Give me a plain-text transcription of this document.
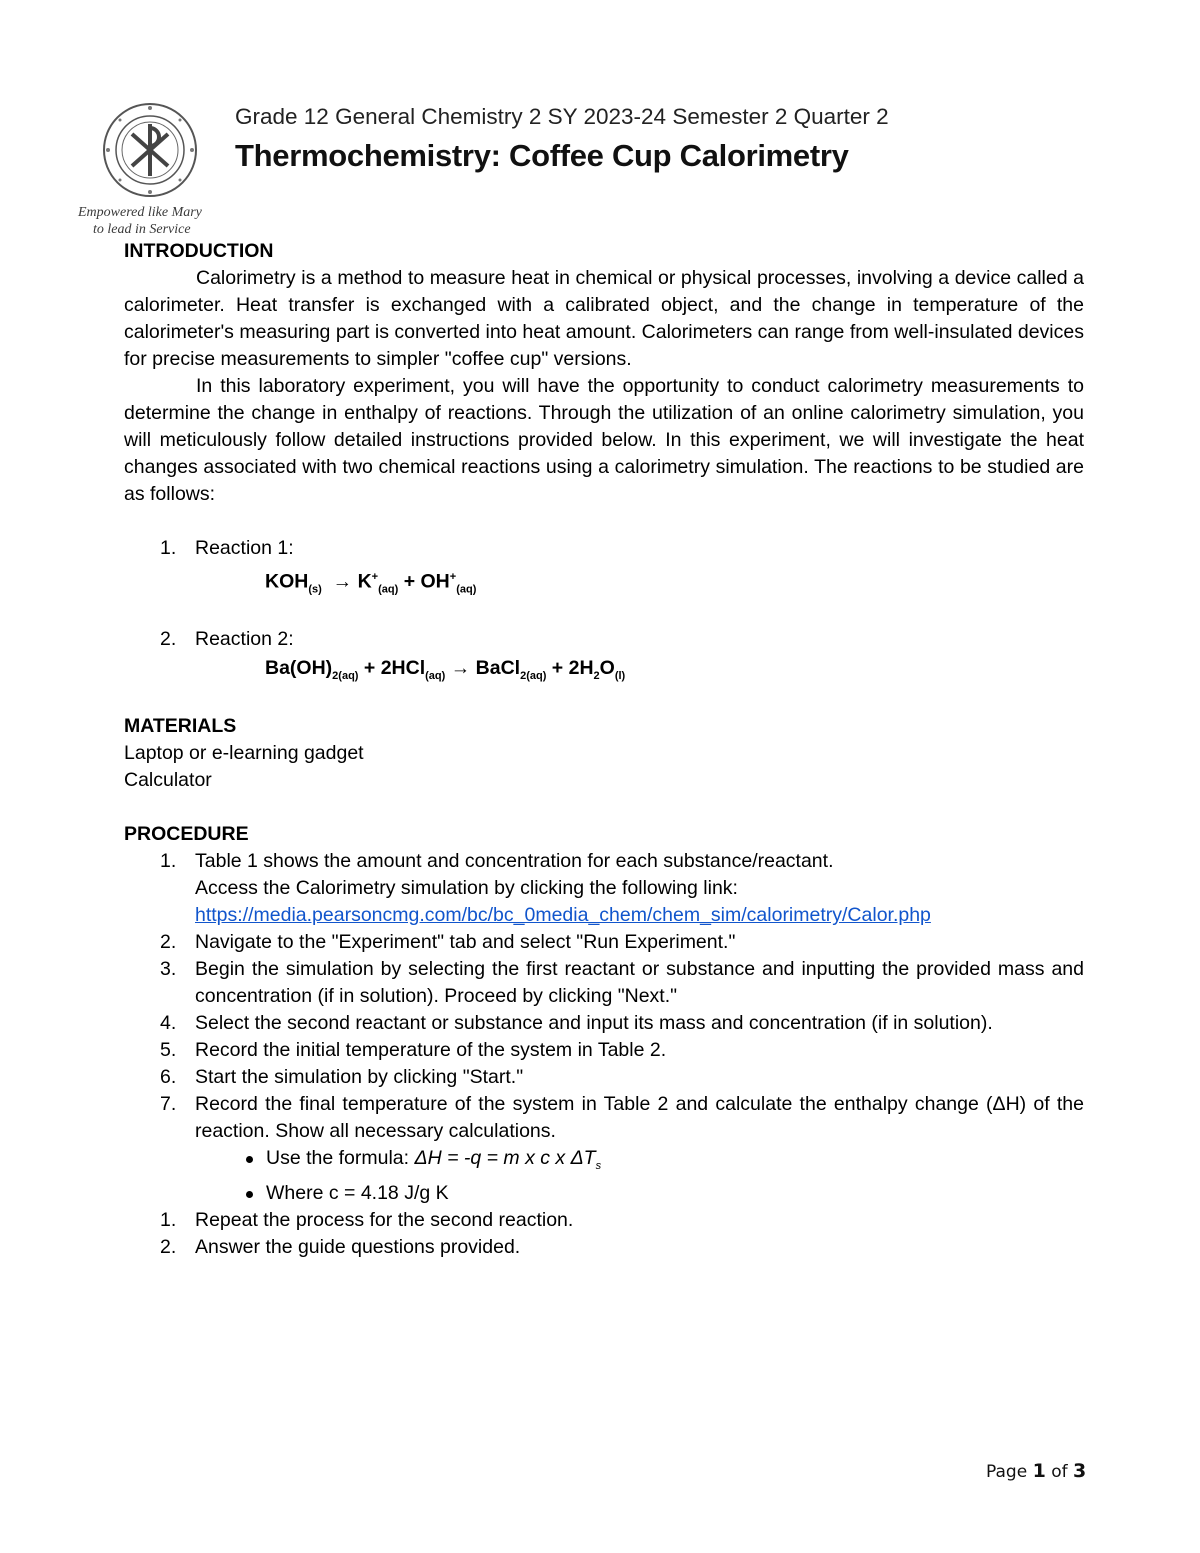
Empowered like Mary
to lead in Service
Grade 12 General Chemistry 2 SY 2023-24 Semester 2 Quarter 2
Thermochemistry: Coffee Cup Calorimetry
INTRODUCTION

Calorimetry is a method to measure heat in chemical or physical processes, involving a device called a calorimeter. Heat transfer is exchanged with a calibrated object, and the change in temperature of the calorimeter's measuring part is converted into heat amount. Calorimeters can range from well-insulated devices for precise measurements to simpler "coffee cup" versions.

In this laboratory experiment, you will have the opportunity to conduct calorimetry measurements to determine the change in enthalpy of reactions. Through the utilization of an online calorimetry simulation, you will meticulously follow detailed instructions provided below. In this experiment, we will investigate the heat changes associated with two chemical reactions using a calorimetry simulation. The reactions to be studied are as follows:

1. Reaction 1:
$KOH_{(s)} \to K^+_{(aq)} + OH^+_{(aq)}$
2. Reaction 2:
$Ba(OH)_{2(aq)} + 2HCl_{(aq)}$ → BaCl$_{2(aq)}$ + $2H_2O_{(l)}$
MATERIALS
Laptop or e-learning gadget
Calculator
PROCEDURE
1. Table 1 shows the amount and concentration for each substance/reactant.
Access the Calorimetry simulation by clicking the following link:
https://media.pearsoncmg.com/bc/bc_0media_chem/chem_sim/calorimetry/Calor.php
2. Navigate to the "Experiment" tab and select "Run Experiment."
3. Begin the simulation by selecting the first reactant or substance and inputting the provided mass and concentration (if in solution). Proceed by clicking "Next."
4. Select the second reactant or substance and input its mass and concentration (if in solution).
5. Record the initial temperature of the system in Table 2.
6. Start the simulation by clicking "Start."
7. Record the final temperature of the system in Table 2 and calculate the enthalpy change (ΔH) of the reaction. Show all necessary calculations.
Use the formula: ΔH = -q = m x c x $\Delta T_s$
Where c = 4.18 J/g K
1. Repeat the process for the second reaction.
2. Answer the guide questions provided.
Page 1 of 3
